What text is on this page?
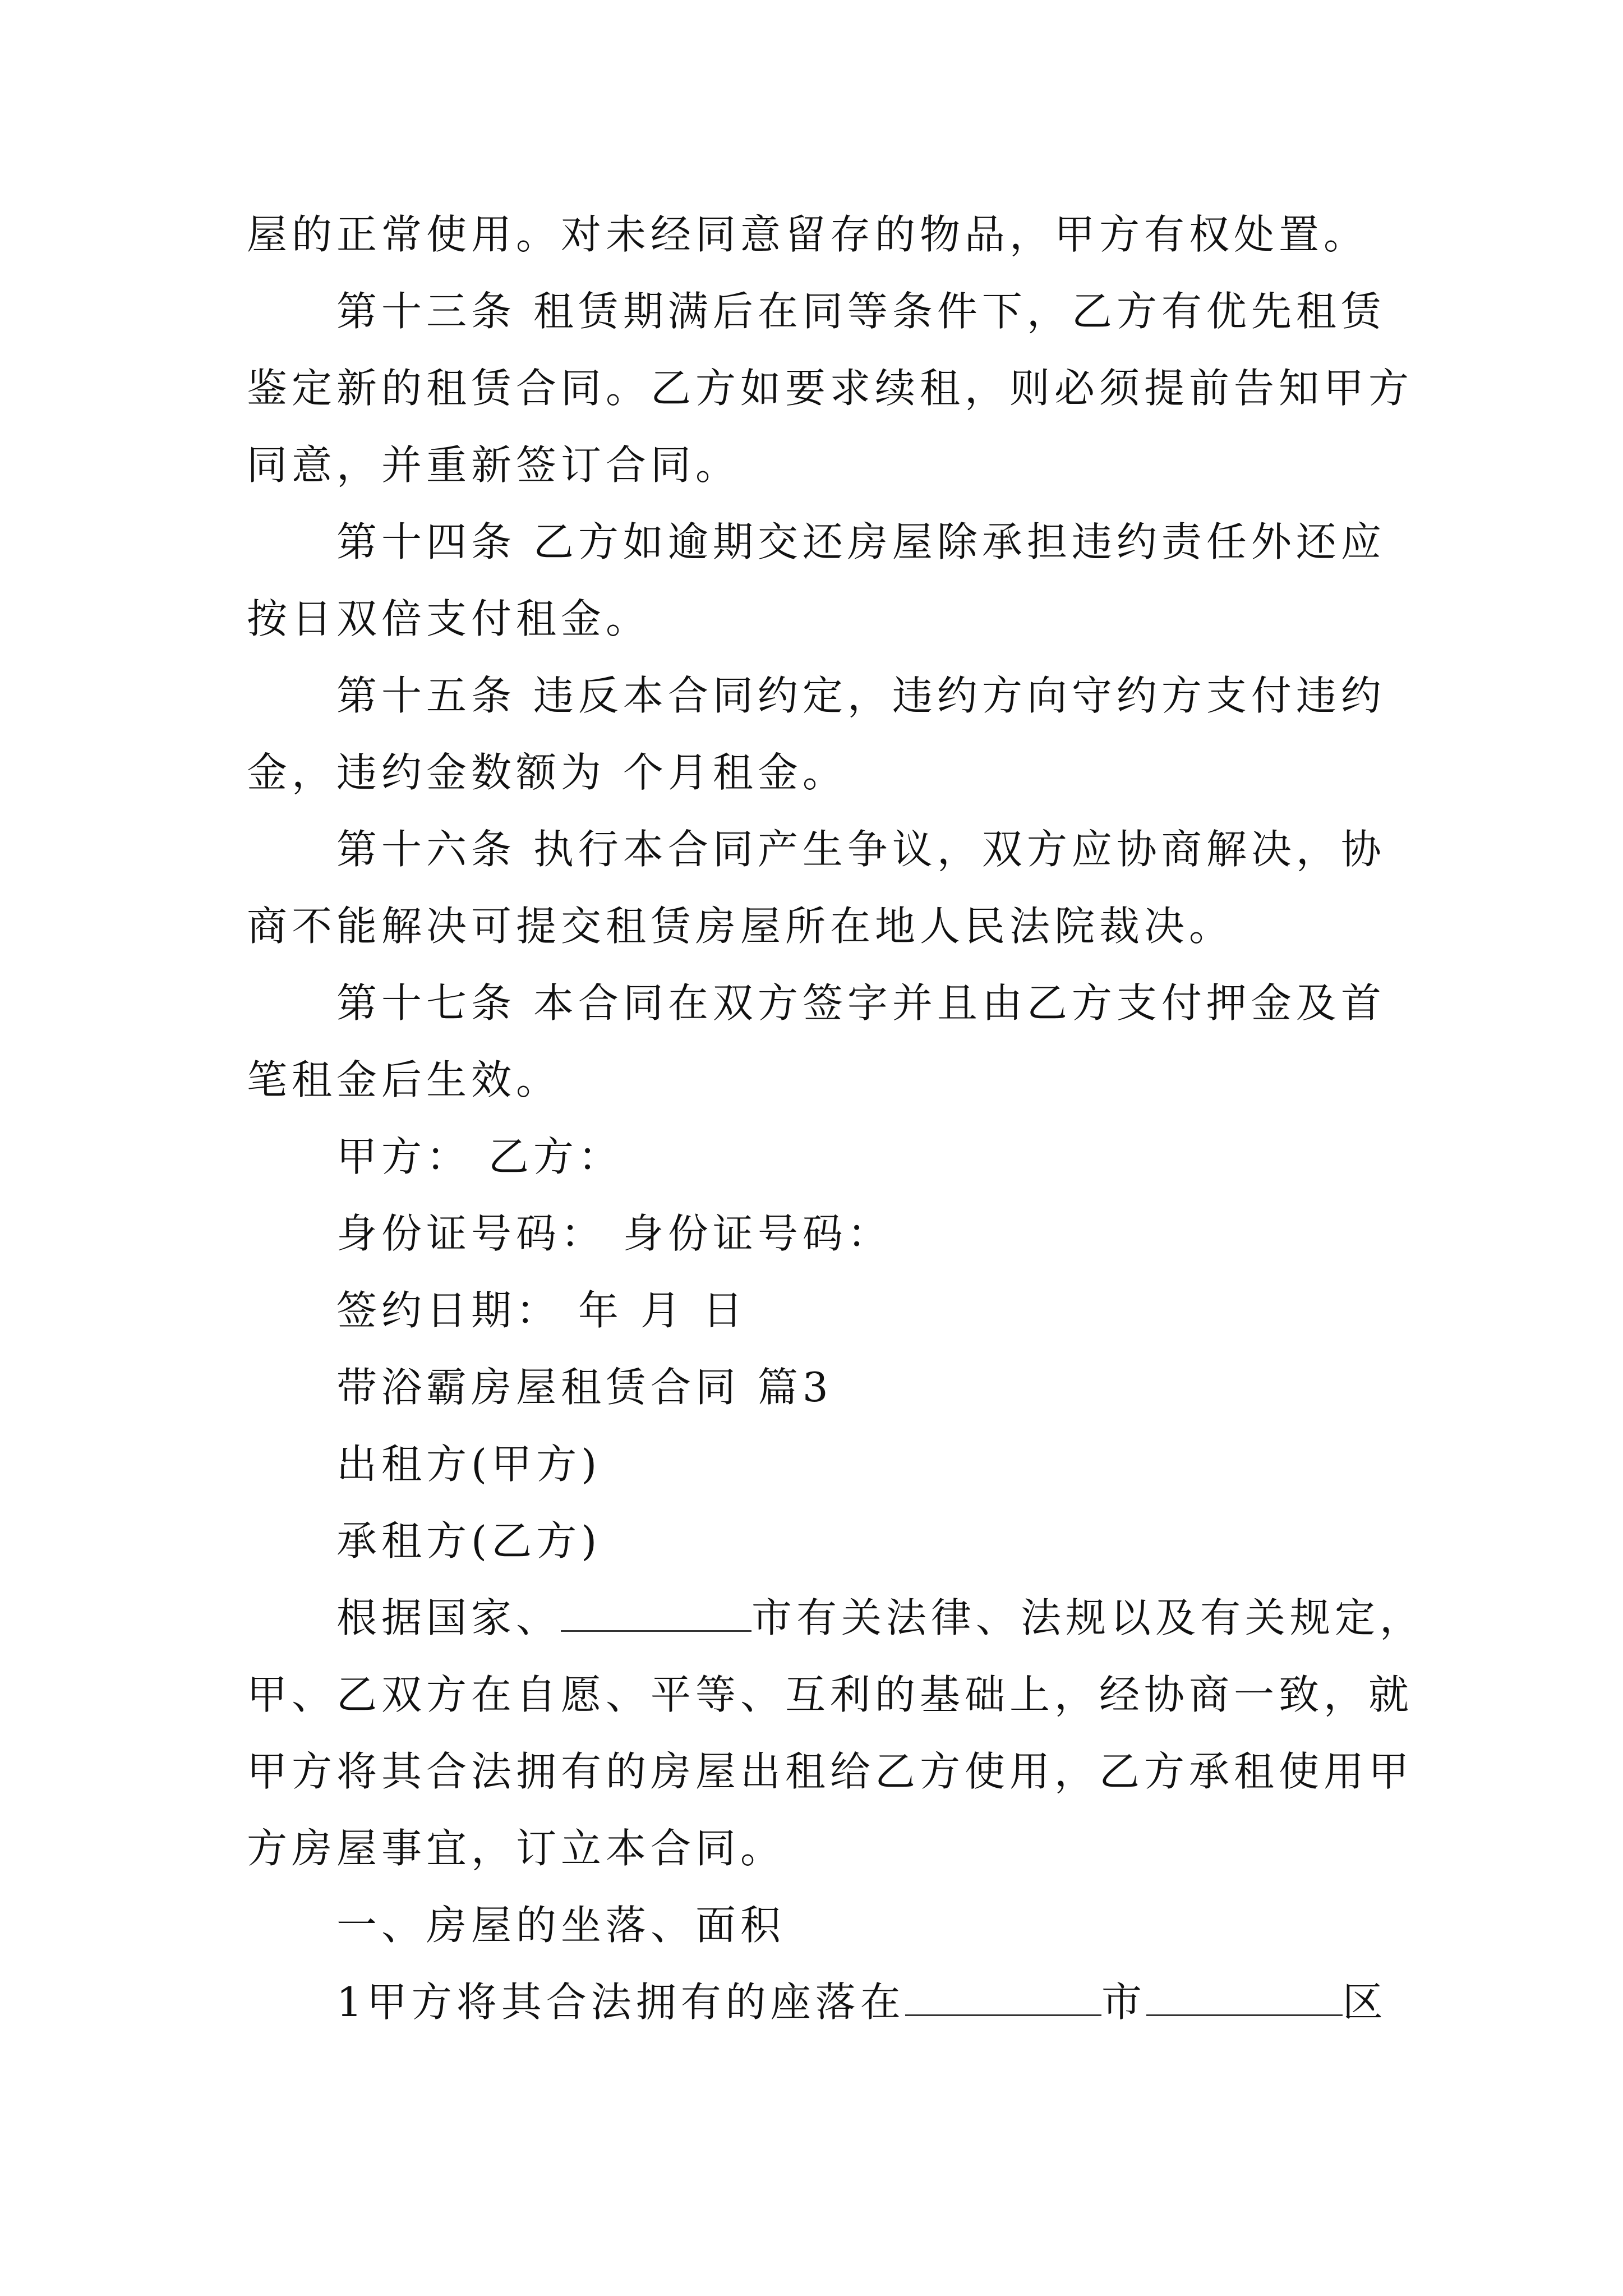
屋的正常使用。对未经同意留存的物品，甲方有权处置。

第十三条 租赁期满后在同等条件下，乙方有优先租赁

鉴定新的租赁合同。乙方如要求续租，则必须提前告知甲方

同意，并重新签订合同。

第十四条 乙方如逾期交还房屋除承担违约责任外还应

按日双倍支付租金。

第十五条 违反本合同约定，违约方向守约方支付违约

金，违约金数额为 个月租金。

第十六条 执行本合同产生争议，双方应协商解决，协

商不能解决可提交租赁房屋所在地人民法院裁决。

第十七条 本合同在双方签字并且由乙方支付押金及首

笔租金后生效。

甲方： 乙方：

身份证号码： 身份证号码：

签约日期： 年 月 日

带浴霸房屋租赁合同 篇3

出租方(甲方)

承租方(乙方)

根据国家、	市有关法律、法规以及有关规定，

甲、乙双方在自愿、平等、互利的基础上，经协商一致，就

甲方将其合法拥有的房屋出租给乙方使用，乙方承租使用甲

方房屋事宜，订立本合同。

一、房屋的坐落、面积

1甲方将其合法拥有的座落在	市	区
